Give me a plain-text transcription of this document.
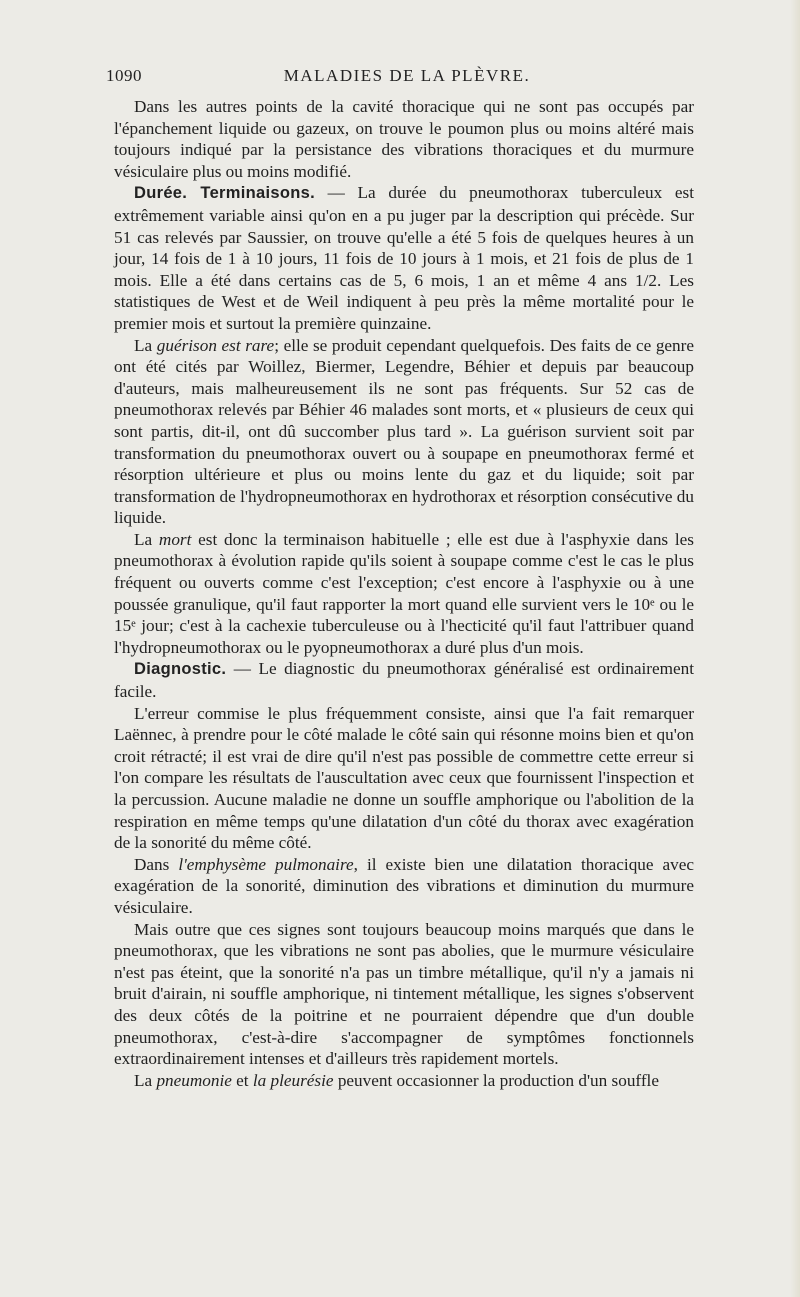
1090	MALADIES DE LA PLÈVRE.

Dans les autres points de la cavité thoracique qui ne sont pas occupés par l'épanchement liquide ou gazeux, on trouve le poumon plus ou moins altéré mais toujours indiqué par la persistance des vibrations thoraciques et du murmure vésiculaire plus ou moins modifié.

Durée. Terminaisons. — La durée du pneumothorax tuberculeux est extrêmement variable ainsi qu'on en a pu juger par la description qui précède. Sur 51 cas relevés par Saussier, on trouve qu'elle a été 5 fois de quelques heures à un jour, 14 fois de 1 à 10 jours, 11 fois de 10 jours à 1 mois, et 21 fois de plus de 1 mois. Elle a été dans certains cas de 5, 6 mois, 1 an et même 4 ans 1/2. Les statistiques de West et de Weil indiquent à peu près la même mortalité pour le premier mois et surtout la première quinzaine.

La guérison est rare; elle se produit cependant quelquefois. Des faits de ce genre ont été cités par Woillez, Biermer, Legendre, Béhier et depuis par beaucoup d'auteurs, mais malheureusement ils ne sont pas fréquents. Sur 52 cas de pneumothorax relevés par Béhier 46 malades sont morts, et « plusieurs de ceux qui sont partis, dit-il, ont dû succomber plus tard ». La guérison survient soit par transformation du pneumothorax ouvert ou à soupape en pneumothorax fermé et résorption ultérieure et plus ou moins lente du gaz et du liquide; soit par transformation de l'hydropneumothorax en hydrothorax et résorption consécutive du liquide.

La mort est donc la terminaison habituelle ; elle est due à l'asphyxie dans les pneumothorax à évolution rapide qu'ils soient à soupape comme c'est le cas le plus fréquent ou ouverts comme c'est l'exception; c'est encore à l'asphyxie ou à une poussée granulique, qu'il faut rapporter la mort quand elle survient vers le 10ᵉ ou le 15ᵉ jour; c'est à la cachexie tuberculeuse ou à l'hecticité qu'il faut l'attribuer quand l'hydropneumothorax ou le pyopneumothorax a duré plus d'un mois.

Diagnostic. — Le diagnostic du pneumothorax généralisé est ordinairement facile.

L'erreur commise le plus fréquemment consiste, ainsi que l'a fait remarquer Laënnec, à prendre pour le côté malade le côté sain qui résonne moins bien et qu'on croit rétracté; il est vrai de dire qu'il n'est pas possible de commettre cette erreur si l'on compare les résultats de l'auscultation avec ceux que fournissent l'inspection et la percussion. Aucune maladie ne donne un souffle amphorique ou l'abolition de la respiration en même temps qu'une dilatation d'un côté du thorax avec exagération de la sonorité du même côté.

Dans l'emphysème pulmonaire, il existe bien une dilatation thoracique avec exagération de la sonorité, diminution des vibrations et diminution du murmure vésiculaire.

Mais outre que ces signes sont toujours beaucoup moins marqués que dans le pneumothorax, que les vibrations ne sont pas abolies, que le murmure vésiculaire n'est pas éteint, que la sonorité n'a pas un timbre métallique, qu'il n'y a jamais ni bruit d'airain, ni souffle amphorique, ni tintement métallique, les signes s'observent des deux côtés de la poitrine et ne pourraient dépendre que d'un double pneumothorax, c'est-à-dire s'accompagner de symptômes fonctionnels extraordinairement intenses et d'ailleurs très rapidement mortels.

La pneumonie et la pleurésie peuvent occasionner la production d'un souffle
